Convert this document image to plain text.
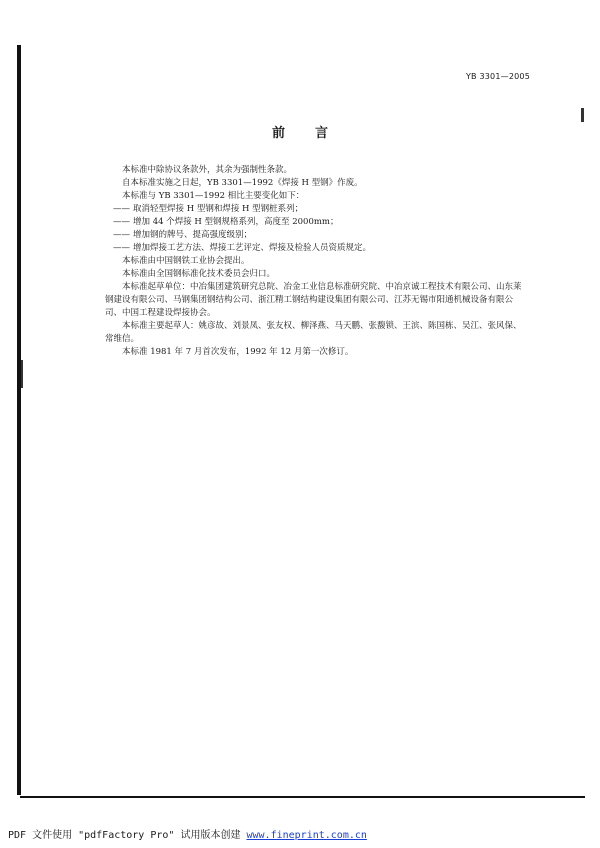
YB 3301—2005
前言

本标准中除协议条款外，其余为强制性条款。

自本标准实施之日起，YB 3301—1992《焊接 H 型钢》作废。

本标准与 YB 3301—1992 相比主要变化如下：

—— 取消轻型焊接 H 型钢和焊接 H 型钢桩系列；

—— 增加 44 个焊接 H 型钢规格系列，高度至 2000mm；

—— 增加钢的牌号、提高强度级别；

—— 增加焊接工艺方法、焊接工艺评定、焊接及检验人员资质规定。

本标准由中国钢铁工业协会提出。

本标准由全国钢标准化技术委员会归口。

本标准起草单位：中冶集团建筑研究总院、冶金工业信息标准研究院、中冶京诚工程技术有限公司、山东莱钢建设有限公司、马钢集团钢结构公司、浙江精工钢结构建设集团有限公司、江苏无锡市阳通机械设备有限公司、中国工程建设焊接协会。

本标准主要起草人：姚彦故、刘景凤、张友权、柳泽燕、马天鹏、张馥锁、王滨、陈国栋、吴江、张风保、常维信。

本标准 1981 年 7 月首次发布，1992 年 12 月第一次修订。

PDF 文件使用 "pdfFactory Pro" 试用版本创建 www.fineprint.com.cn
